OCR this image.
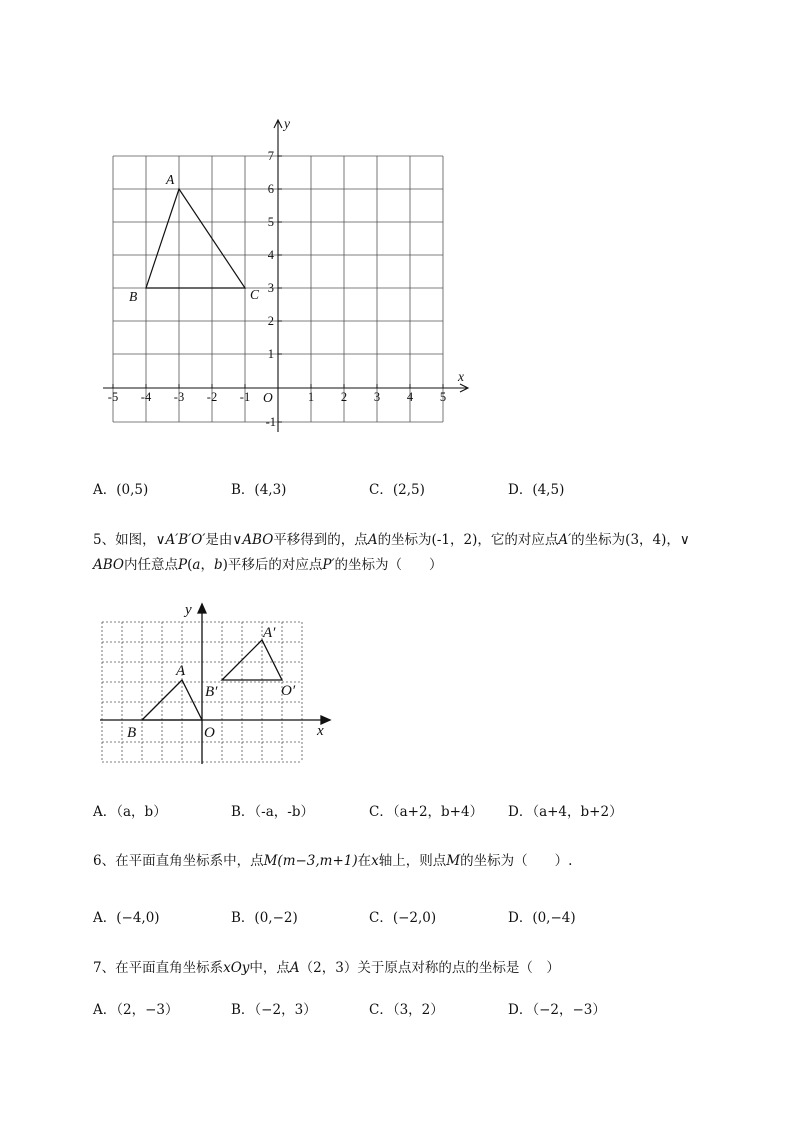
-5 -4 -3 -2 -1	1 2 3 4 5
-1
1
2
3
4
5
6
7
O
x
y
A
B	C
A．(0,5)	B．(4,3)	C．(2,5)	D．(4,5)
5、如图，∨A′B′O′是由∨ABO平移得到的，点A的坐标为(-1，2)，它的对应点A′的坐标为(3，4)，∨
ABO内任意点P(a，b)平移后的对应点P′的坐标为（　　）
y
x
O
A
B
A′
B′	O′
A．（a，b）	B．（-a，-b）	C．（a+2，b+4） D．（a+4，b+2）
6、在平面直角坐标系中，点M(m−3,m+1)在x轴上，则点M的坐标为（　　）.
A．(−4,0)	B．(0,−2)	C．(−2,0)	D．(0,−4)
7、在平面直角坐标系xOy中，点A（2，3）关于原点对称的点的坐标是（　）
A．（2，−3）	B．（−2，3）	C．（3，2）	D．（−2，−3）
